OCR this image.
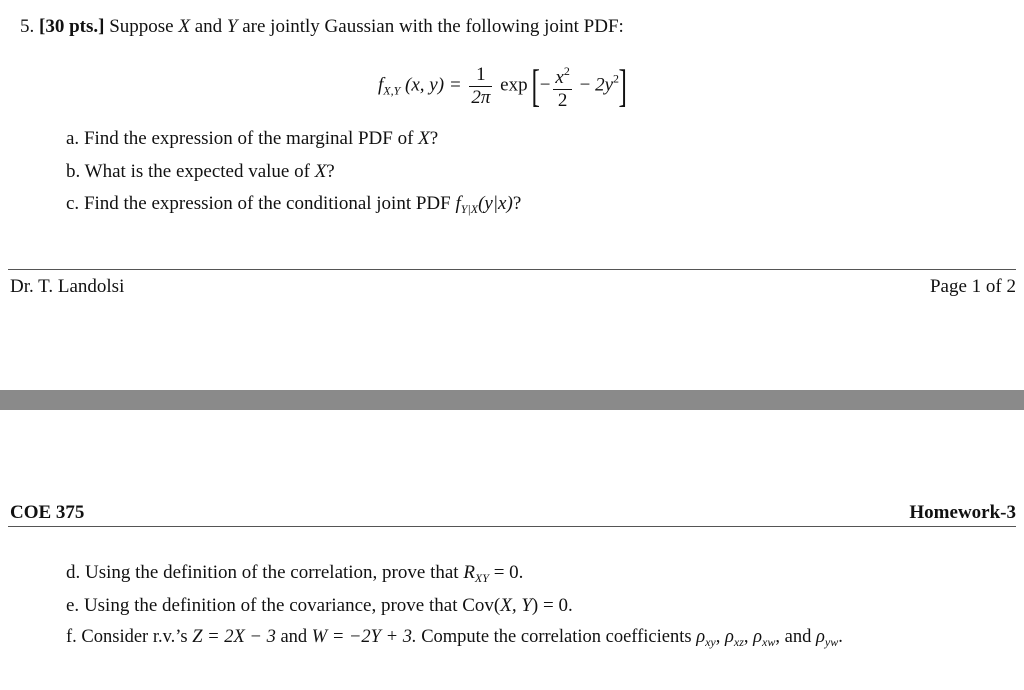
5. [30 pts.] Suppose X and Y are jointly Gaussian with the following joint PDF:
$f_{X,Y}$ (x, $y) = \frac{1}{2\pi}$ exp [− $\frac{x^2}{2} - 2y^2$]
a. Find the expression of the marginal PDF of X?
b. What is the expected value of X?
c. Find the expression of the conditional joint PDF $f_{Y|X}(y|x)$?
Dr. T. Landolsi	Page 1 of 2
COE 375	Homework-3
d. Using the definition of the correlation, prove that $R_{XY} = 0$.
e. Using the definition of the covariance, prove that Cov(X, Y) = 0.
f. Consider r.v.’s Z = 2X − 3 and W = −2Y + 3. Compute the correlation coefficients $\rho_{xy}$, $\rho_{xz}$, $\rho_{xw}$, and $\rho_{yw}$.
